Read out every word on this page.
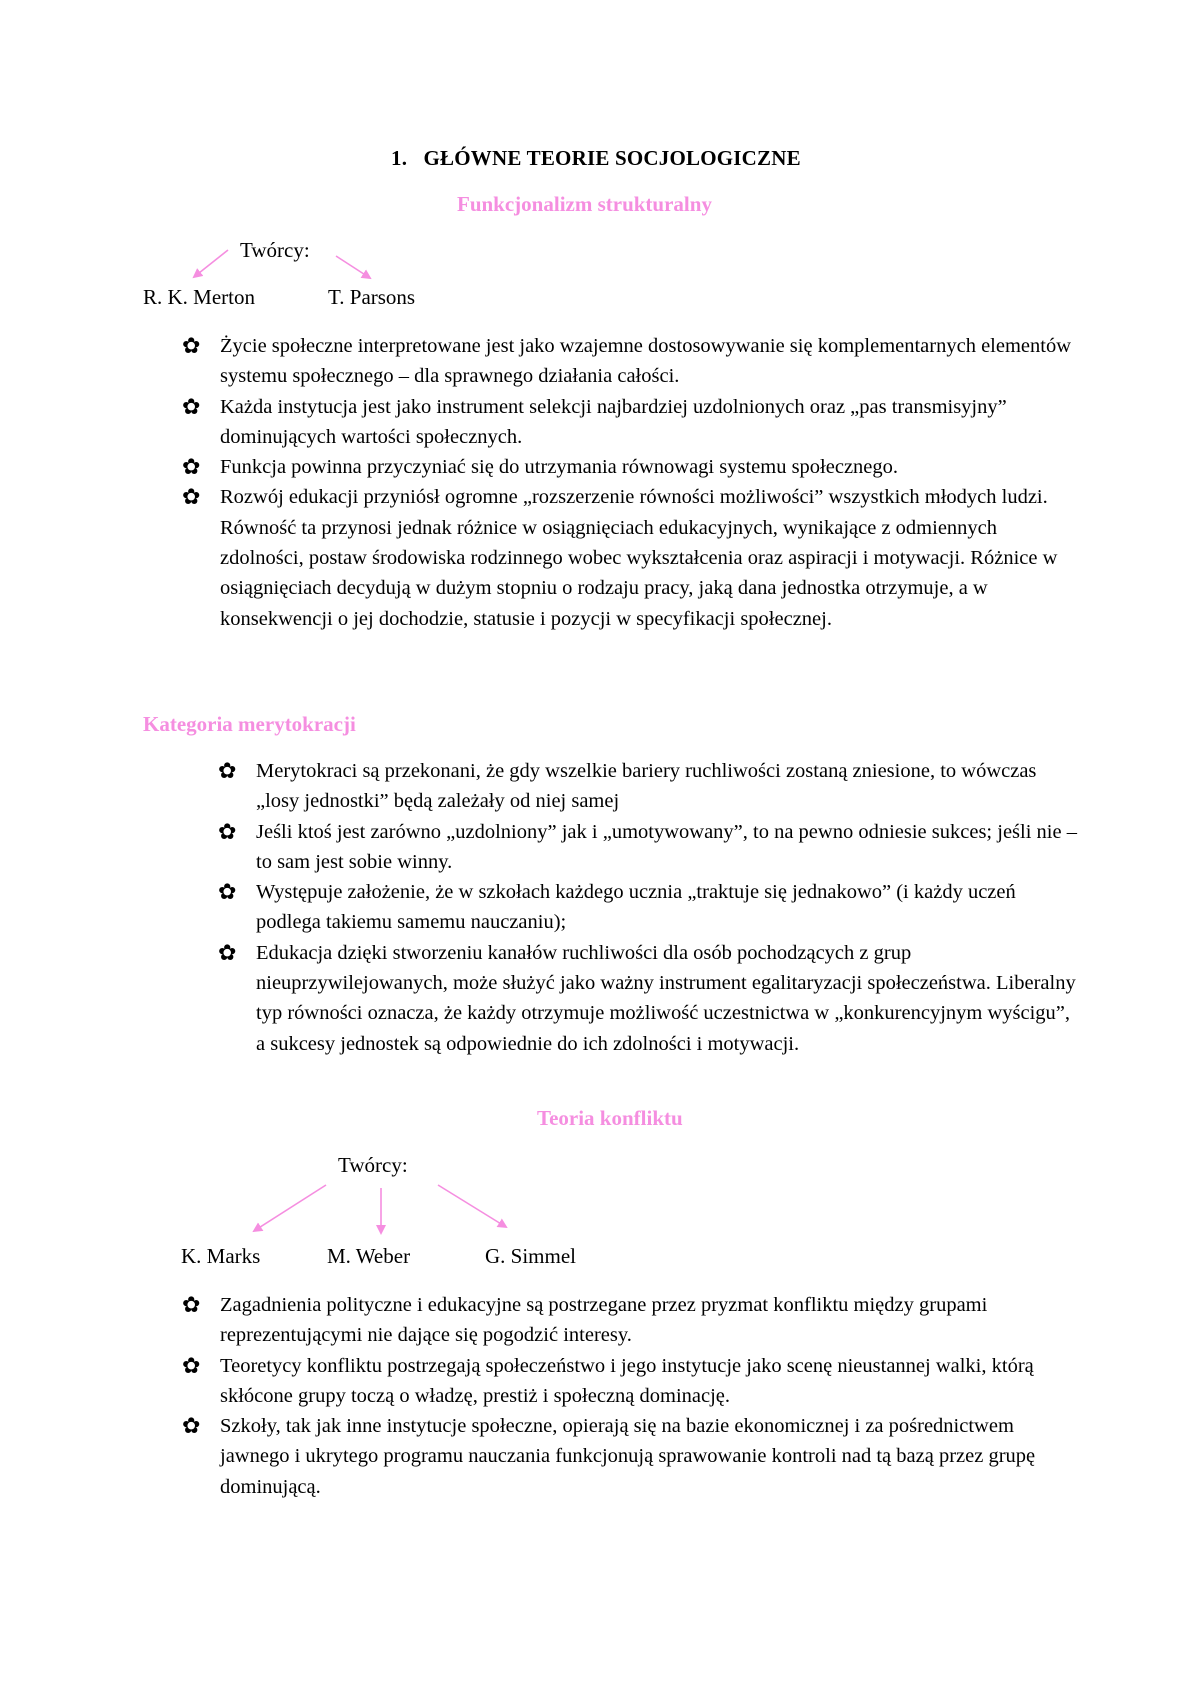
1. GŁÓWNE TEORIE SOCJOLOGICZNE
Funkcjonalizm strukturalny
Twórcy:
R. K. Merton	T. Parsons
✿ Życie społeczne interpretowane jest jako wzajemne dostosowywanie się komplementarnych elementów systemu społecznego – dla sprawnego działania całości.
✿ Każda instytucja jest jako instrument selekcji najbardziej uzdolnionych oraz „pas transmisyjny” dominujących wartości społecznych.
✿ Funkcja powinna przyczyniać się do utrzymania równowagi systemu społecznego.
✿ Rozwój edukacji przyniósł ogromne „rozszerzenie równości możliwości” wszystkich młodych ludzi. Równość ta przynosi jednak różnice w osiągnięciach edukacyjnych, wynikające z odmiennych zdolności, postaw środowiska rodzinnego wobec wykształcenia oraz aspiracji i motywacji. Różnice w osiągnięciach decydują w dużym stopniu o rodzaju pracy, jaką dana jednostka otrzymuje, a w konsekwencji o jej dochodzie, statusie i pozycji w specyfikacji społecznej.
Kategoria merytokracji
✿ Merytokraci są przekonani, że gdy wszelkie bariery ruchliwości zostaną zniesione, to wówczas „losy jednostki” będą zależały od niej samej
✿ Jeśli ktoś jest zarówno „uzdolniony” jak i „umotywowany”, to na pewno odniesie sukces; jeśli nie – to sam jest sobie winny.
✿ Występuje założenie, że w szkołach każdego ucznia „traktuje się jednakowo” (i każdy uczeń podlega takiemu samemu nauczaniu);
✿ Edukacja dzięki stworzeniu kanałów ruchliwości dla osób pochodzących z grup nieuprzywilejowanych, może służyć jako ważny instrument egalitaryzacji społeczeństwa. Liberalny typ równości oznacza, że każdy otrzymuje możliwość uczestnictwa w „konkurencyjnym wyścigu”, a sukcesy jednostek są odpowiednie do ich zdolności i motywacji.
Teoria konfliktu
Twórcy:
K. Marks	M. Weber	G. Simmel
✿ Zagadnienia polityczne i edukacyjne są postrzegane przez pryzmat konfliktu między grupami reprezentującymi nie dające się pogodzić interesy.
✿ Teoretycy konfliktu postrzegają społeczeństwo i jego instytucje jako scenę nieustannej walki, którą skłócone grupy toczą o władzę, prestiż i społeczną dominację.
✿ Szkoły, tak jak inne instytucje społeczne, opierają się na bazie ekonomicznej i za pośrednictwem jawnego i ukrytego programu nauczania funkcjonują sprawowanie kontroli nad tą bazą przez grupę dominującą.
